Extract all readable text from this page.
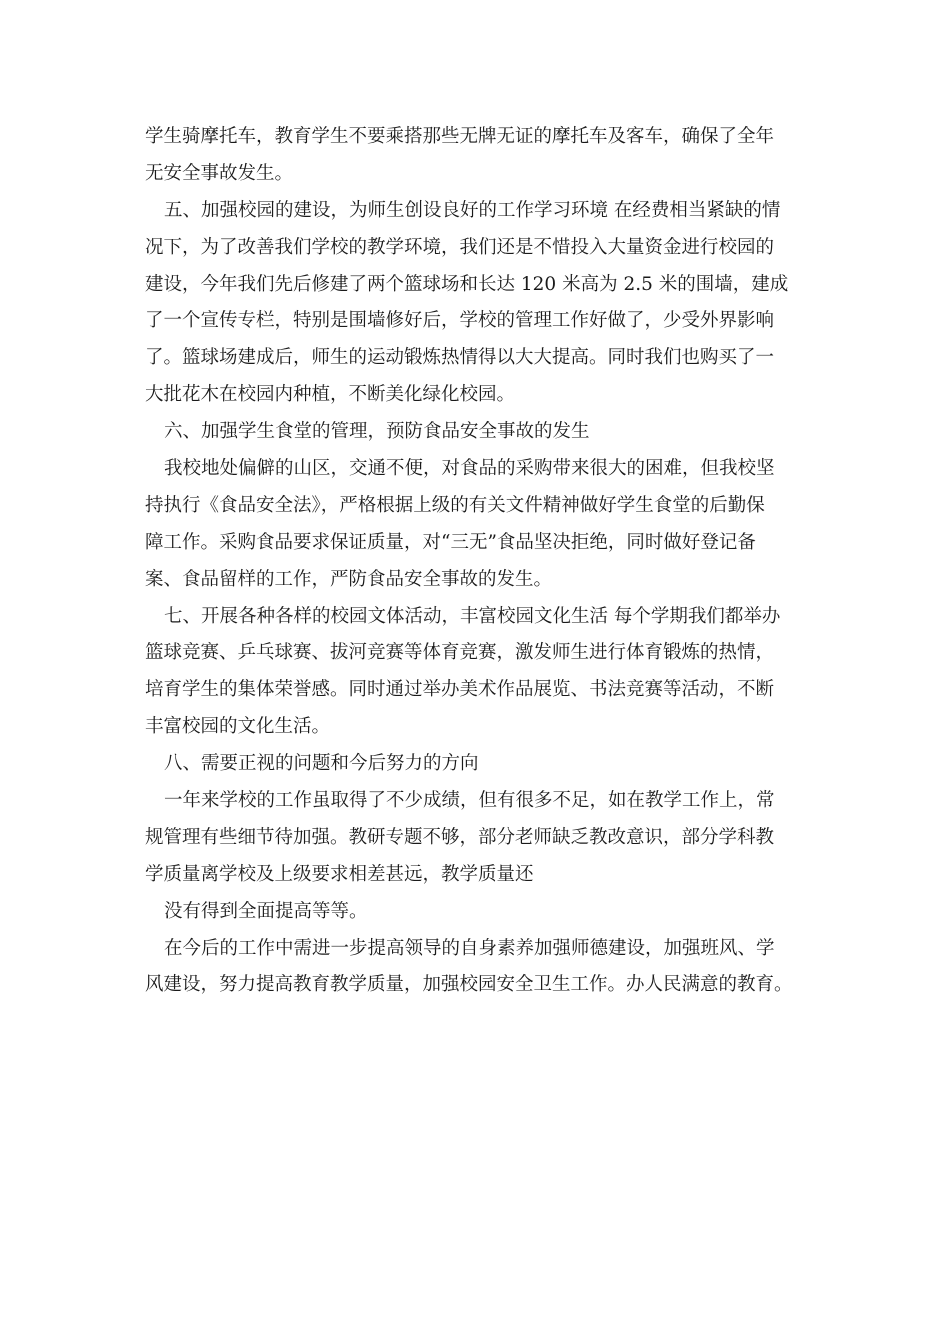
学生骑摩托车，教育学生不要乘搭那些无牌无证的摩托车及客车，确保了全年
无安全事故发生。
五、加强校园的建设，为师生创设良好的工作学习环境 在经费相当紧缺的情
况下，为了改善我们学校的教学环境，我们还是不惜投入大量资金进行校园的
建设，今年我们先后修建了两个篮球场和长达 120 米高为 2.5 米的围墙，建成
了一个宣传专栏，特别是围墙修好后，学校的管理工作好做了，少受外界影响
了。篮球场建成后，师生的运动锻炼热情得以大大提高。同时我们也购买了一
大批花木在校园内种植，不断美化绿化校园。
六、加强学生食堂的管理，预防食品安全事故的发生
我校地处偏僻的山区，交通不便，对食品的采购带来很大的困难，但我校坚
持执行《食品安全法》，严格根据上级的有关文件精神做好学生食堂的后勤保
障工作。采购食品要求保证质量，对“三无”食品坚决拒绝，同时做好登记备
案、食品留样的工作，严防食品安全事故的发生。
七、开展各种各样的校园文体活动，丰富校园文化生活 每个学期我们都举办
篮球竞赛、乒乓球赛、拔河竞赛等体育竞赛，激发师生进行体育锻炼的热情，
培育学生的集体荣誉感。同时通过举办美术作品展览、书法竞赛等活动，不断
丰富校园的文化生活。
八、需要正视的问题和今后努力的方向
一年来学校的工作虽取得了不少成绩，但有很多不足，如在教学工作上，常
规管理有些细节待加强。教研专题不够，部分老师缺乏教改意识，部分学科教
学质量离学校及上级要求相差甚远，教学质量还
没有得到全面提高等等。
在今后的工作中需进一步提高领导的自身素养加强师德建设，加强班风、学
风建设，努力提高教育教学质量，加强校园安全卫生工作。办人民满意的教育。
